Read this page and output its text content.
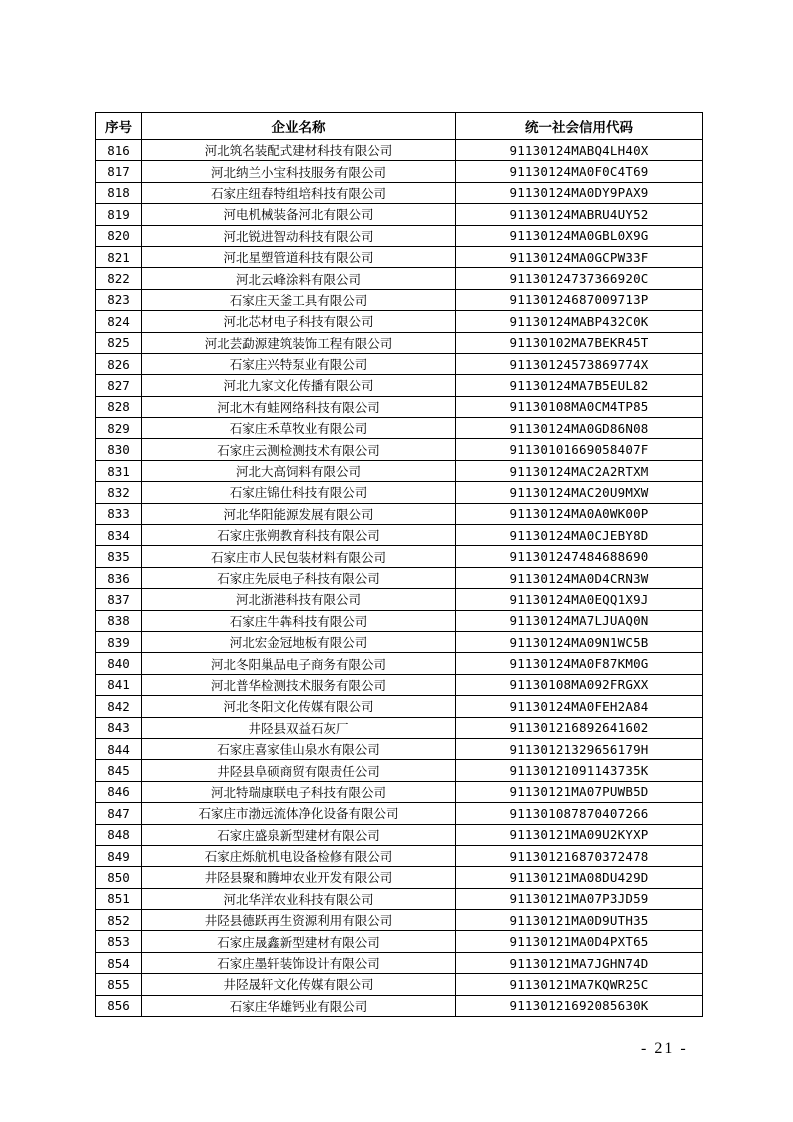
序号	企业名称	统一社会信用代码
816	河北筑名装配式建材科技有限公司	91130124MABQ4LH40X
817	河北纳兰小宝科技服务有限公司	91130124MA0F0C4T69
818	石家庄纽春特组培科技有限公司	91130124MA0DY9PAX9
819	河电机械装备河北有限公司	91130124MABRU4UY52
820	河北锐进智动科技有限公司	91130124MA0GBL0X9G
821	河北星塑管道科技有限公司	91130124MA0GCPW33F
822	河北云峰涂料有限公司	91130124737366920C
823	石家庄天釜工具有限公司	91130124687009713P
824	河北芯材电子科技有限公司	91130124MABP432C0K
825	河北芸勐源建筑装饰工程有限公司	91130102MA7BEKR45T
826	石家庄兴特泵业有限公司	91130124573869774X
827	河北九家文化传播有限公司	91130124MA7B5EUL82
828	河北木有蛙网络科技有限公司	91130108MA0CM4TP85
829	石家庄禾草牧业有限公司	91130124MA0GD86N08
830	石家庄云测检测技术有限公司	91130101669058407F
831	河北大高饲料有限公司	91130124MAC2A2RTXM
832	石家庄锦仕科技有限公司	91130124MAC20U9MXW
833	河北华阳能源发展有限公司	91130124MA0A0WK00P
834	石家庄张朔教育科技有限公司	91130124MA0CJEBY8D
835	石家庄市人民包装材料有限公司	911301247484688690
836	石家庄先辰电子科技有限公司	91130124MA0D4CRN3W
837	河北浙港科技有限公司	91130124MA0EQQ1X9J
838	石家庄牛犇科技有限公司	91130124MA7LJUAQ0N
839	河北宏金冠地板有限公司	91130124MA09N1WC5B
840	河北冬阳巢品电子商务有限公司	91130124MA0F87KM0G
841	河北普华检测技术服务有限公司	91130108MA092FRGXX
842	河北冬阳文化传媒有限公司	91130124MA0FEH2A84
843	井陉县双益石灰厂	911301216892641602
844	石家庄喜家佳山泉水有限公司	91130121329656179H
845	井陉县阜硕商贸有限责任公司	91130121091143735K
846	河北特瑞康联电子科技有限公司	91130121MA07PUWB5D
847	石家庄市渤远流体净化设备有限公司	911301087870407266
848	石家庄盛泉新型建材有限公司	91130121MA09U2KYXP
849	石家庄烁航机电设备检修有限公司	911301216870372478
850	井陉县聚和腾坤农业开发有限公司	91130121MA08DU429D
851	河北华洋农业科技有限公司	91130121MA07P3JD59
852	井陉县德跃再生资源利用有限公司	91130121MA0D9UTH35
853	石家庄晟鑫新型建材有限公司	91130121MA0D4PXT65
854	石家庄墨轩装饰设计有限公司	91130121MA7JGHN74D
855	井陉晟轩文化传媒有限公司	91130121MA7KQWR25C
856	石家庄华雄钙业有限公司	91130121692085630K
- 21 -
